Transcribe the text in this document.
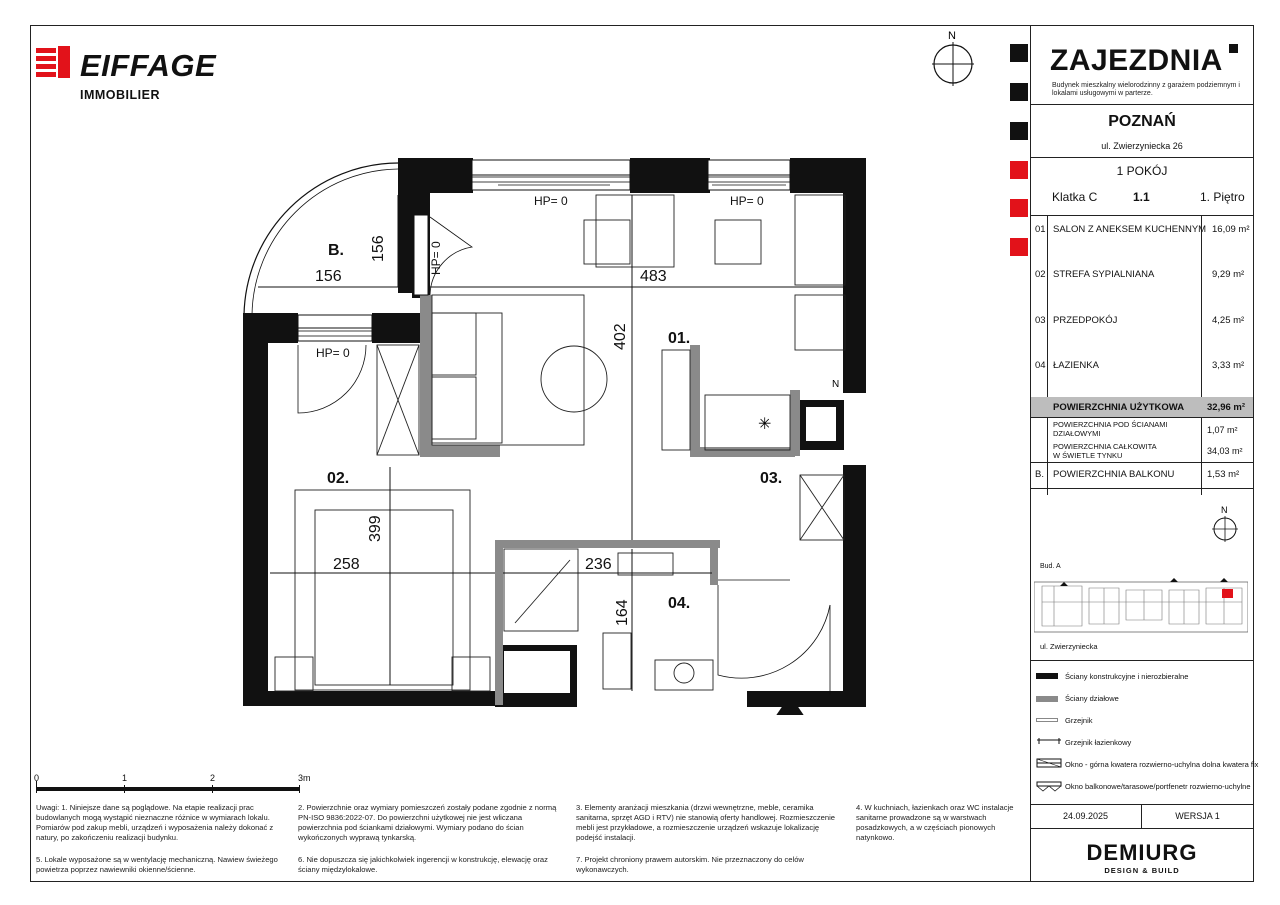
EIFFAGE
IMMOBILIER
N
N
✳
01.
02.	03.
04.
B.
483
402
156
156
258
399
236
164
HP= 0	HP= 0
HP= 0
HP= 0
0	1	2	3m
Uwagi: 1. Niniejsze dane są poglądowe. Na etapie realizacji prac budowlanych mogą wystąpić nieznaczne różnice w wymiarach lokalu. Pomiarów pod zakup mebli, urządzeń i wyposażenia należy dokonać z natury, po zakończeniu realizacji budynku.
2. Powierzchnie oraz wymiary pomieszczeń zostały podane zgodnie z normą PN-ISO 9836:2022-07. Do powierzchni użytkowej nie jest wliczana powierzchnia pod ściankami działowymi. Wymiary podano do ścian wykończonych wyprawą tynkarską.
3. Elementy aranżacji mieszkania (drzwi wewnętrzne, meble, ceramika sanitarna, sprzęt AGD i RTV) nie stanowią oferty handlowej. Rozmieszczenie mebli jest przykładowe, a rozmieszczenie urządzeń wskazuje lokalizację podejść instalacji.
4. W kuchniach, łazienkach oraz WC instalacje sanitarne prowadzone są w warstwach posadzkowych, a w częściach pionowych natynkowo.
5. Lokale wyposażone są w wentylację mechaniczną. Nawiew świeżego powietrza poprzez nawiewniki okienne/ścienne.
6. Nie dopuszcza się jakichkolwiek ingerencji w konstrukcję, elewację oraz ściany międzylokalowe.
7. Projekt chroniony prawem autorskim. Nie przeznaczony do celów wykonawczych.
ZAJEZDNIA
Budynek mieszkalny wielorodzinny z garażem podziemnym i lokalami usługowymi w parterze.
POZNAŃ
ul. Zwierzyniecka 26
1 POKÓJ
Klatka C	1.1	1. Piętro
01 SALON Z ANEKSEM KUCHENNYM 16,09 m²
02 STREFA SYPIALNIANA	9,29 m²
03 PRZEDPOKÓJ	4,25 m²
04 ŁAZIENKA	3,33 m²
POWIERZCHNIA UŻYTKOWA 32,96 m²
POWIERZCHNIA POD ŚCIANAMI
DZIAŁOWYMI	1,07 m²
POWIERZCHNIA CAŁKOWITA
W ŚWIETLE TYNKU	34,03 m²
B. POWIERZCHNIA BALKONU	1,53 m²
N
Bud. A
ul. Zwierzyniecka
Ściany konstrukcyjne i nierozbieralne
Ściany działowe
Grzejnik
Grzejnik łazienkowy
Okno - górna kwatera rozwierno-uchylna dolna kwatera fix
Okno balkonowe/tarasowe/portfenetr rozwierno-uchylne
24.09.2025	WERSJA 1
DEMIURG
DESIGN & BUILD
